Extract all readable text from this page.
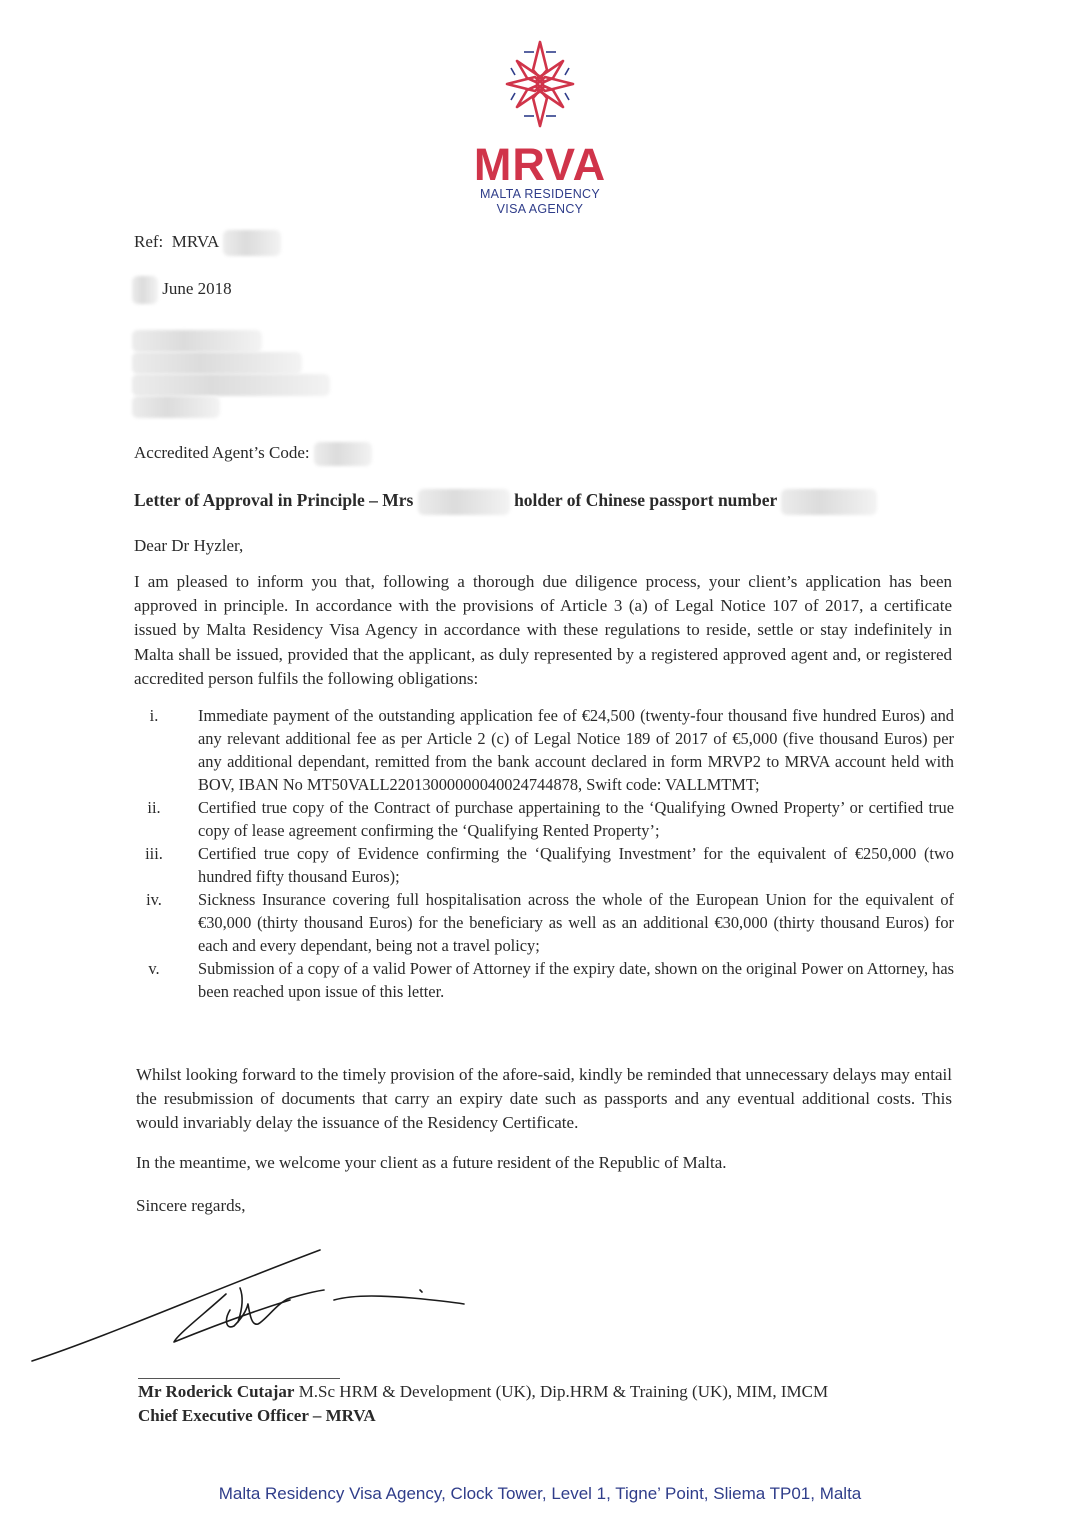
MRVA
MALTA RESIDENCY
VISA AGENCY
Ref: MRVA
June 2018
Accredited Agent’s Code:
Letter of Approval in Principle – Mrs	holder of Chinese passport number
Dear Dr Hyzler,
I am pleased to inform you that, following a thorough due diligence process, your client’s application has been approved in principle. In accordance with the provisions of Article 3 (a) of Legal Notice 107 of 2017, a certificate issued by Malta Residency Visa Agency in accordance with these regulations to reside, settle or stay indefinitely in Malta shall be issued, provided that the applicant, as duly represented by a registered approved agent and, or registered accredited person fulfils the following obligations:
i.	Immediate payment of the outstanding application fee of €24,500 (twenty-four thousand five hundred Euros) and any relevant additional fee as per Article 2 (c) of Legal Notice 189 of 2017 of €5,000 (five thousand Euros) per any additional dependant, remitted from the bank account declared in form MRVP2 to MRVA account held with BOV, IBAN No MT50VALL22013000000040024744878, Swift code: VALLMTMT;
ii.	Certified true copy of the Contract of purchase appertaining to the ‘Qualifying Owned Property’ or certified true copy of lease agreement confirming the ‘Qualifying Rented Property’;
iii.	Certified true copy of Evidence confirming the ‘Qualifying Investment’ for the equivalent of €250,000 (two hundred fifty thousand Euros);
iv.	Sickness Insurance covering full hospitalisation across the whole of the European Union for the equivalent of €30,000 (thirty thousand Euros) for the beneficiary as well as an additional €30,000 (thirty thousand Euros) for each and every dependant, being not a travel policy;
v.	Submission of a copy of a valid Power of Attorney if the expiry date, shown on the original Power on Attorney, has been reached upon issue of this letter.
Whilst looking forward to the timely provision of the afore-said, kindly be reminded that unnecessary delays may entail the resubmission of documents that carry an expiry date such as passports and any eventual additional costs. This would invariably delay the issuance of the Residency Certificate.
In the meantime, we welcome your client as a future resident of the Republic of Malta.
Sincere regards,
Mr Roderick Cutajar M.Sc HRM & Development (UK), Dip.HRM & Training (UK), MIM, IMCM
Chief Executive Officer – MRVA
Malta Residency Visa Agency, Clock Tower, Level 1, Tigne’ Point, Sliema TP01, Malta
